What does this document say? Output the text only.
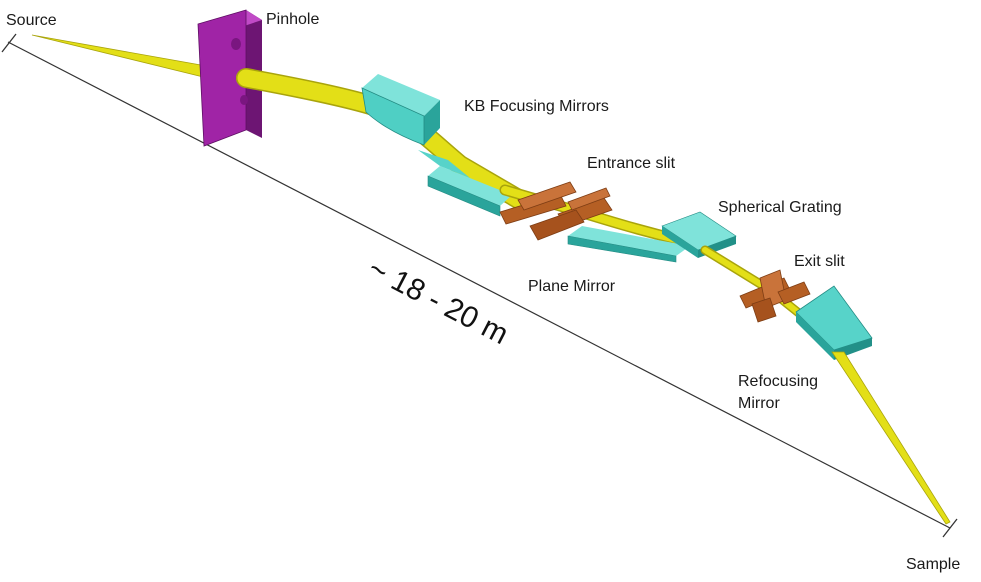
Source	Pinhole
KB Focusing Mirrors
Entrance slit
Spherical Grating
Exit slit
Plane Mirror
Refocusing
Mirror
Sample
~ 18 - 20 m
